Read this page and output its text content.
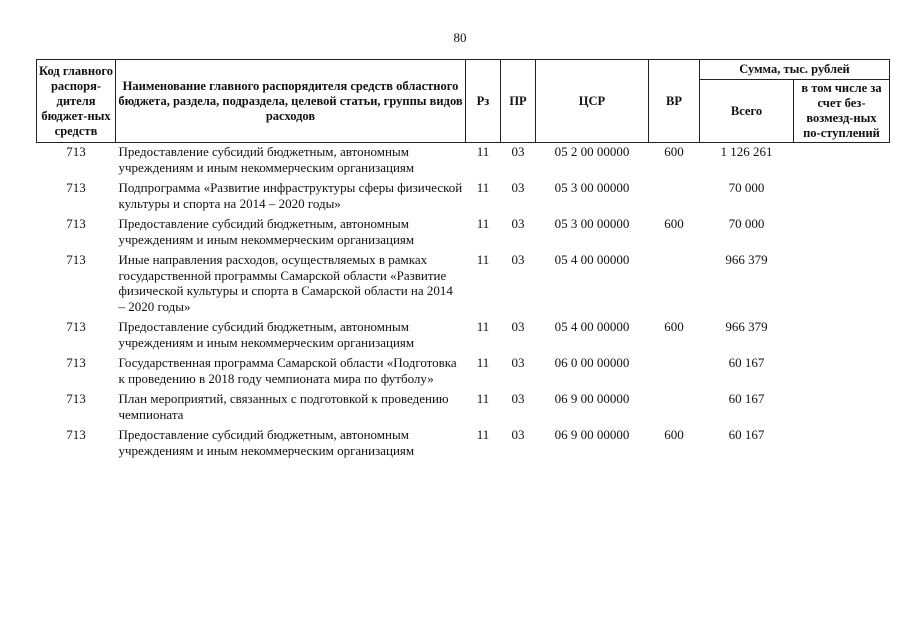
80
Код главного распоря-дителя бюджет-ных средств	Наименование главного распорядителя средств областного бюджета, раздела, подраздела, целевой статьи, группы видов расходов	Рз	ПР	ЦСР	ВР	Сумма, тыс. рублей	
						Всего	в том числе за счет без-возмезд-ных по-ступлений
713	Предоставление субсидий бюджетным, автономным учреждениям и иным некоммерческим организациям	11	03	05 2 00 00000	600	1 126 261	
713	Подпрограмма «Развитие инфраструктуры сферы физической культуры и спорта на 2014 – 2020 годы»	11	03	05 3 00 00000		70 000	
713	Предоставление субсидий бюджетным, автономным учреждениям и иным некоммерческим организациям	11	03	05 3 00 00000	600	70 000	
713	Иные направления расходов, осуществляемых в рамках государственной программы Самарской области «Развитие физической культуры и спорта в Самарской области на 2014 – 2020 годы»	11	03	05 4 00 00000		966 379	
713	Предоставление субсидий бюджетным, автономным учреждениям и иным некоммерческим организациям	11	03	05 4 00 00000	600	966 379	
713	Государственная программа Самарской области «Подготовка к проведению в 2018 году чемпионата мира по футболу»	11	03	06 0 00 00000		60 167	
713	План мероприятий, связанных с подготовкой к проведению чемпионата	11	03	06 9 00 00000		60 167	
713	Предоставление субсидий бюджетным, автономным учреждениям и иным некоммерческим организациям	11	03	06 9 00 00000	600	60 167	
